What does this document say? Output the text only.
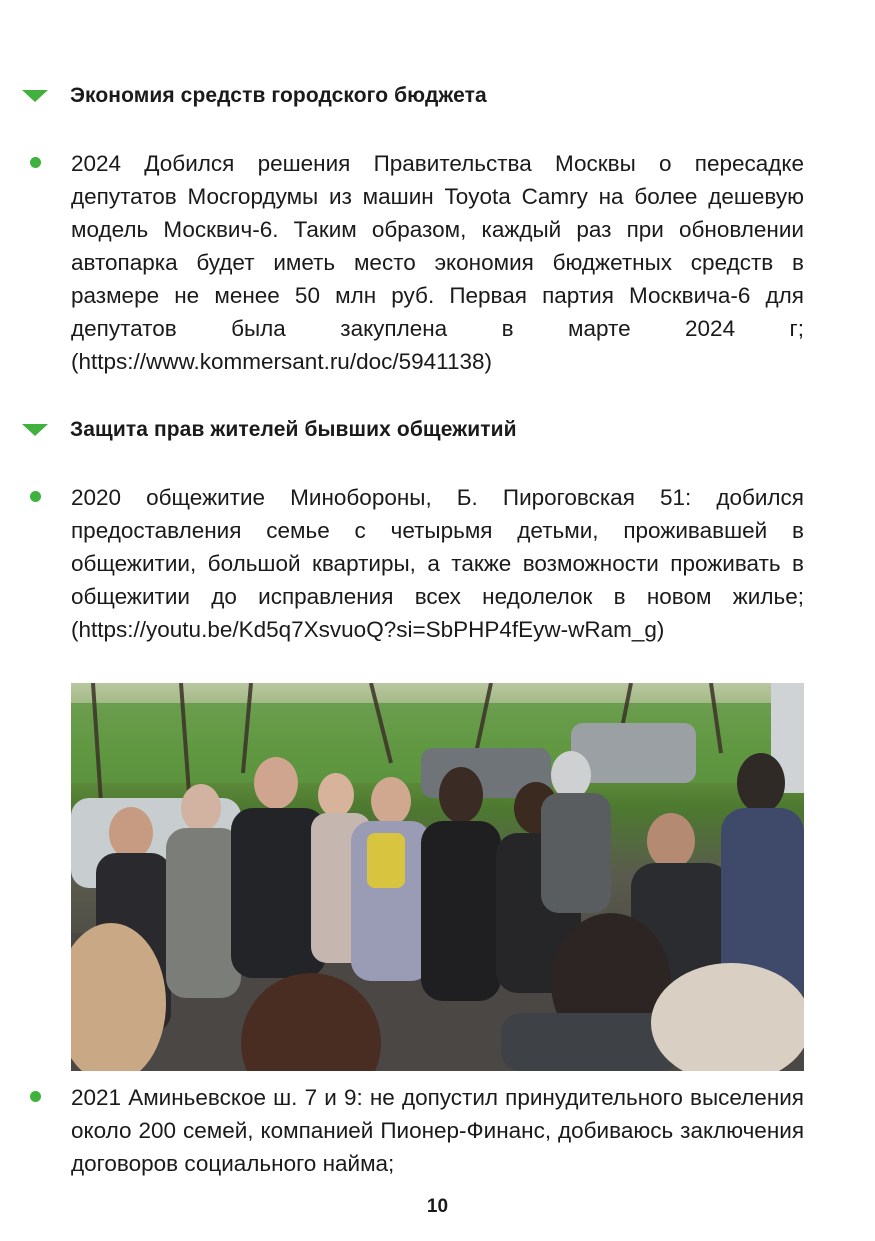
Экономия средств городского бюджета
2024 Добился решения Правительства Москвы о пересадке депутатов Мосгордумы из машин Toyota Camry на более дешевую модель Москвич-6. Таким образом, каждый раз при обновлении автопарка будет иметь место экономия бюджетных средств в размере не менее 50 млн руб. Первая партия Москвича-6 для депутатов была закуплена в марте 2024 г; (https://www.kommersant.ru/doc/5941138)
Защита прав жителей бывших общежитий
2020 общежитие Минобороны, Б. Пироговская 51: добился предоставления семье с четырьмя детьми, проживавшей в общежитии, большой квартиры, а также возможности проживать в общежитии до исправления всех недолелок в новом жилье; (https://youtu.be/Kd5q7XsvuoQ?si=SbPHP4fEyw-wRam_g)
2021 Аминьевское ш. 7 и 9: не допустил принудительного выселения около 200 семей, компанией Пионер-Финанс, добиваюсь заключения договоров социального найма;
10
